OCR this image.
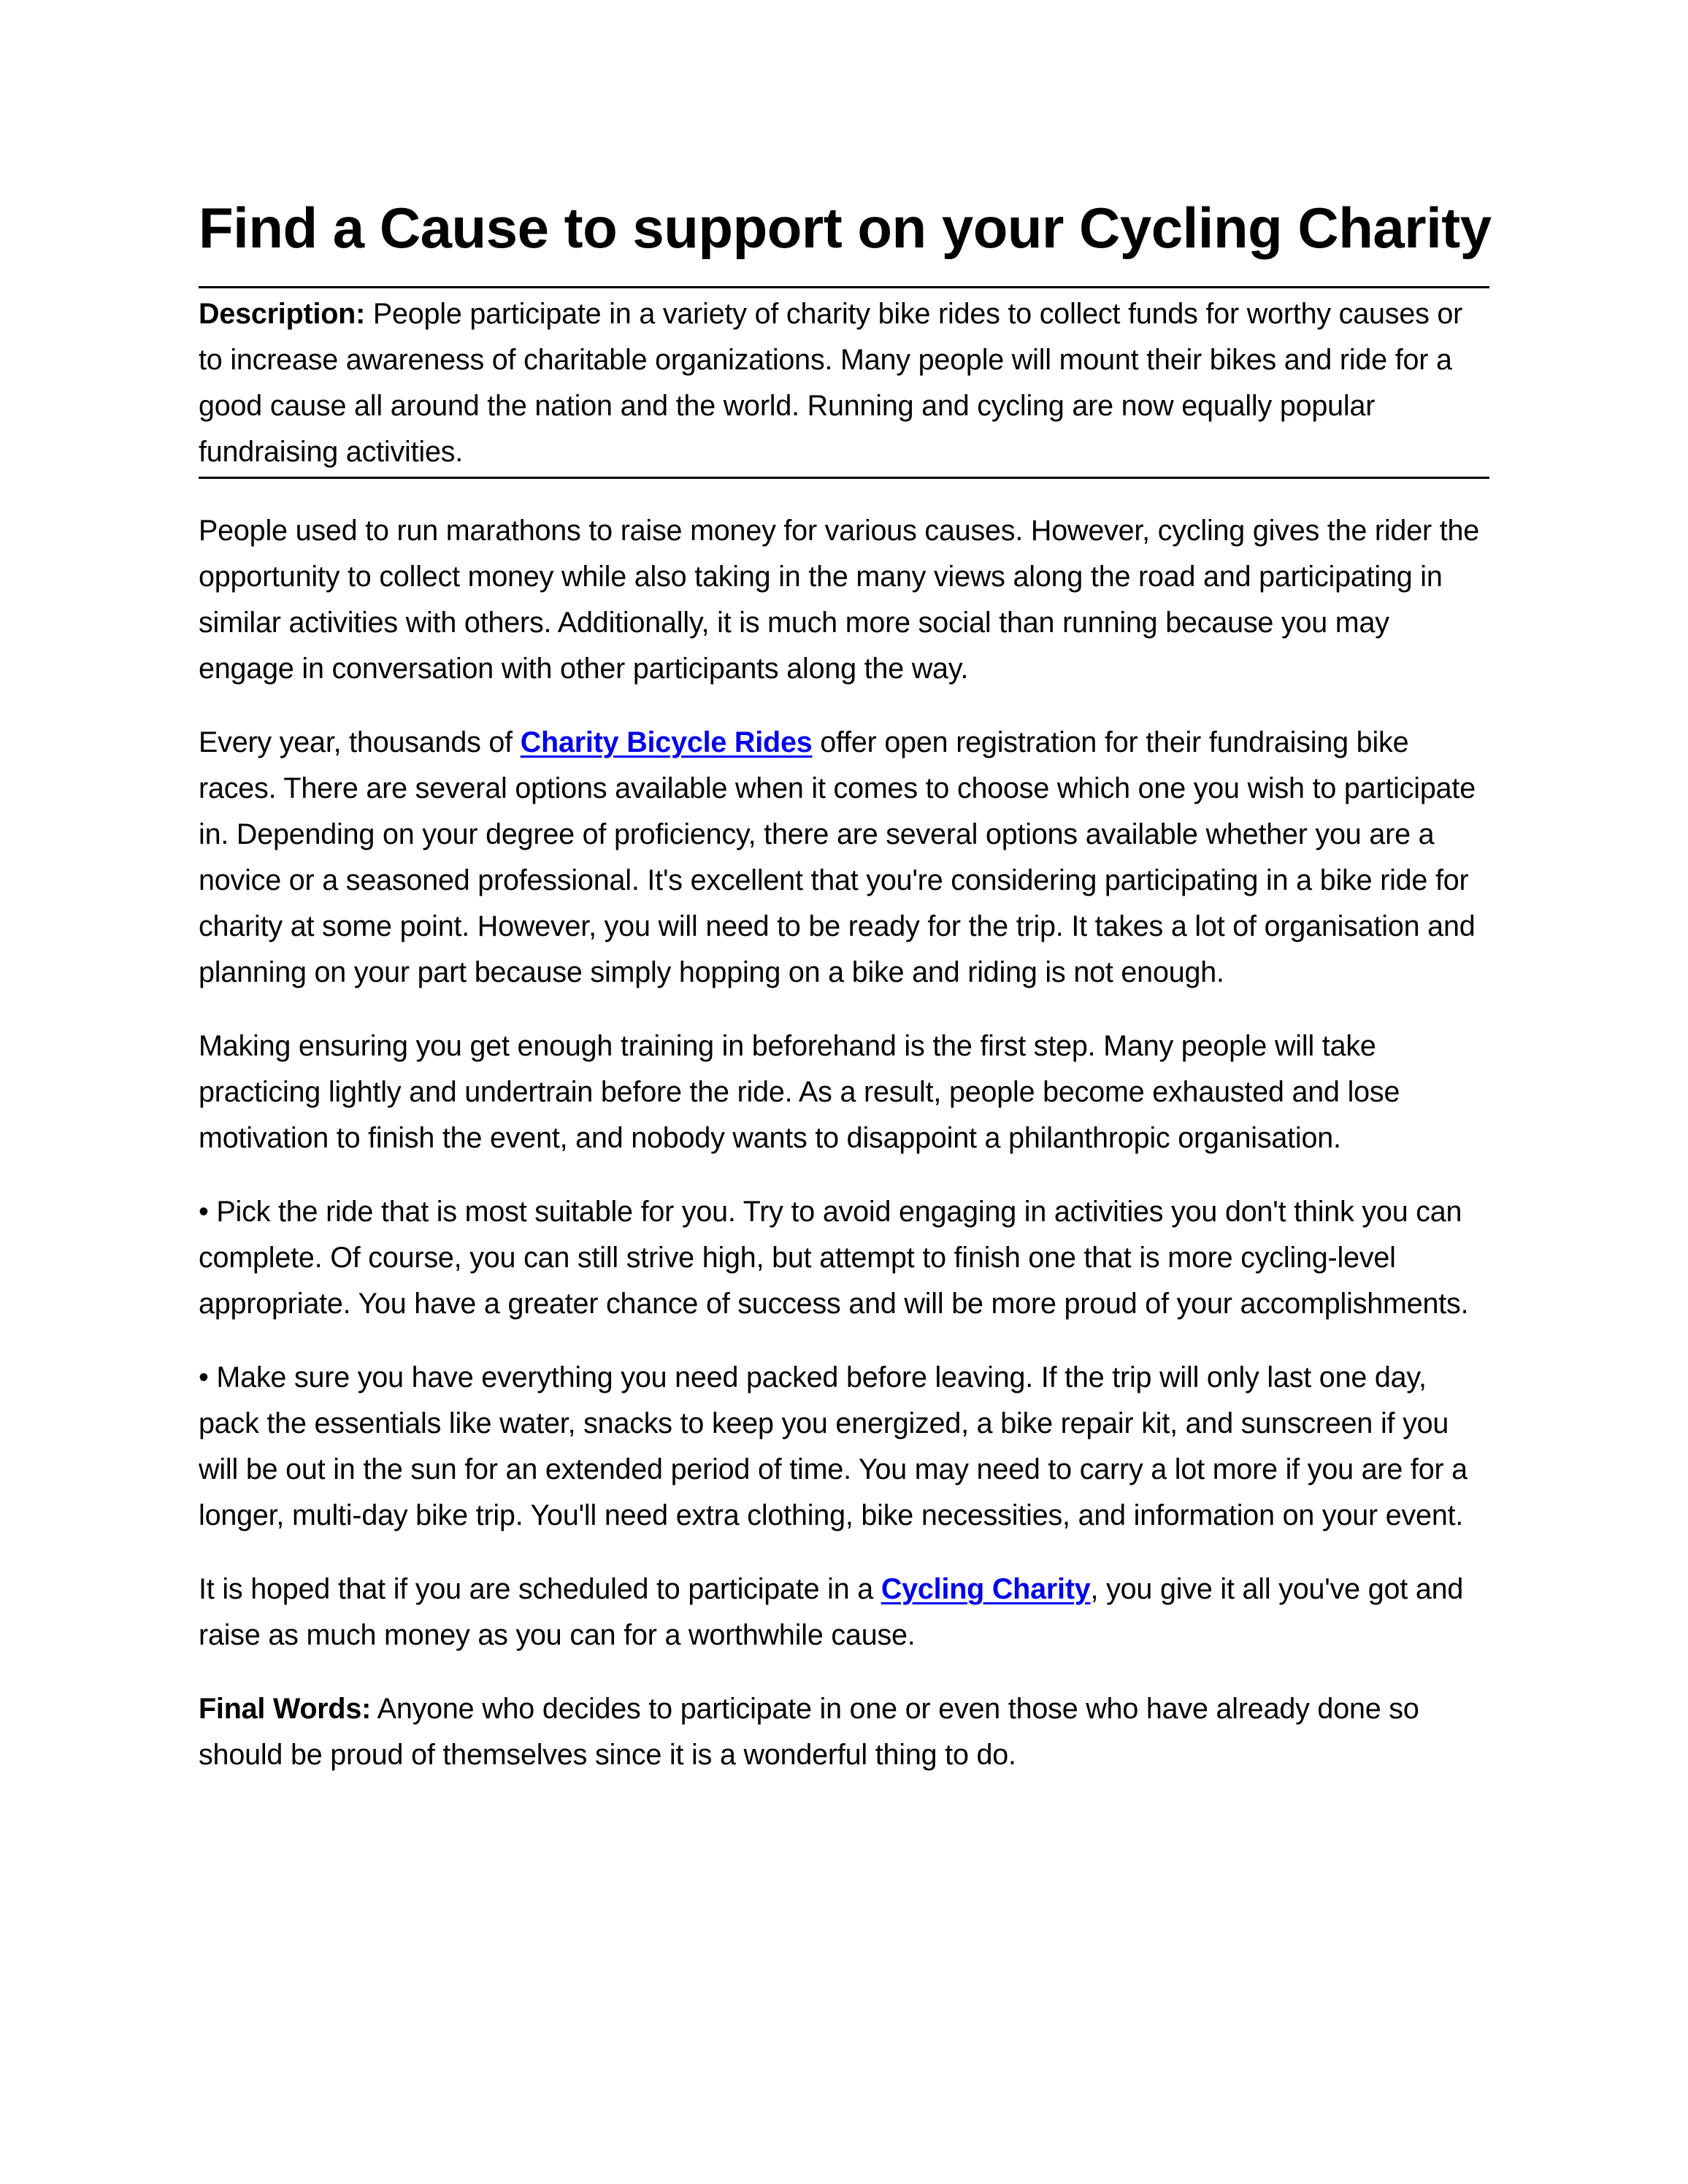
Find a Cause to support on your Cycling Charity

Description: People participate in a variety of charity bike rides to collect funds for worthy causes or to increase awareness of charitable organizations. Many people will mount their bikes and ride for a good cause all around the nation and the world. Running and cycling are now equally popular fundraising activities.

People used to run marathons to raise money for various causes. However, cycling gives the rider the opportunity to collect money while also taking in the many views along the road and participating in similar activities with others. Additionally, it is much more social than running because you may engage in conversation with other participants along the way.

Every year, thousands of Charity Bicycle Rides offer open registration for their fundraising bike races. There are several options available when it comes to choose which one you wish to participate in. Depending on your degree of proficiency, there are several options available whether you are a novice or a seasoned professional. It's excellent that you're considering participating in a bike ride for charity at some point. However, you will need to be ready for the trip. It takes a lot of organisation and planning on your part because simply hopping on a bike and riding is not enough.

Making ensuring you get enough training in beforehand is the first step. Many people will take practicing lightly and undertrain before the ride. As a result, people become exhausted and lose motivation to finish the event, and nobody wants to disappoint a philanthropic organisation.

• Pick the ride that is most suitable for you. Try to avoid engaging in activities you don't think you can complete. Of course, you can still strive high, but attempt to finish one that is more cycling-level appropriate. You have a greater chance of success and will be more proud of your accomplishments.

• Make sure you have everything you need packed before leaving. If the trip will only last one day, pack the essentials like water, snacks to keep you energized, a bike repair kit, and sunscreen if you will be out in the sun for an extended period of time. You may need to carry a lot more if you are for a longer, multi-day bike trip. You'll need extra clothing, bike necessities, and information on your event.

It is hoped that if you are scheduled to participate in a Cycling Charity, you give it all you've got and raise as much money as you can for a worthwhile cause.

Final Words: Anyone who decides to participate in one or even those who have already done so should be proud of themselves since it is a wonderful thing to do.
